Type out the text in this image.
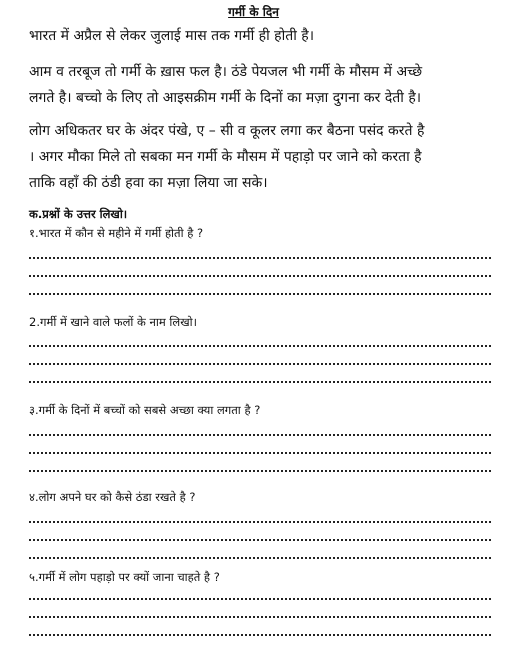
गर्मी के दिन

भारत में अप्रैल से लेकर जुलाई मास तक गर्मी ही होती है।

आम व तरबूज तो गर्मी के ख़ास फल है। ठंडे पेयजल भी गर्मी के मौसम में अच्छे
लगते है। बच्चो के लिए तो आइसक्रीम गर्मी के दिनों का मज़ा दुगना कर देती है।

लोग अधिकतर घर के अंदर पंखे, ए – सी व कूलर लगा कर बैठना पसंद करते है
। अगर मौका मिले तो सबका मन गर्मी के मौसम में पहाड़ो पर जाने को करता है
ताकि वहाँ की ठंडी हवा का मज़ा लिया जा सके।

क.प्रश्नों के उत्तर लिखो।
१.भारत में कौन से महीने में गर्मी होती है ?
2.गर्मी में खाने वाले फलों के नाम लिखो।
३.गर्मी के दिनों में बच्चों को सबसे अच्छा क्या लगता है ?
४.लोग अपने घर को कैसे ठंडा रखते है ?
५.गर्मी में लोग पहाड़ो पर क्यों जाना चाहते है ?
